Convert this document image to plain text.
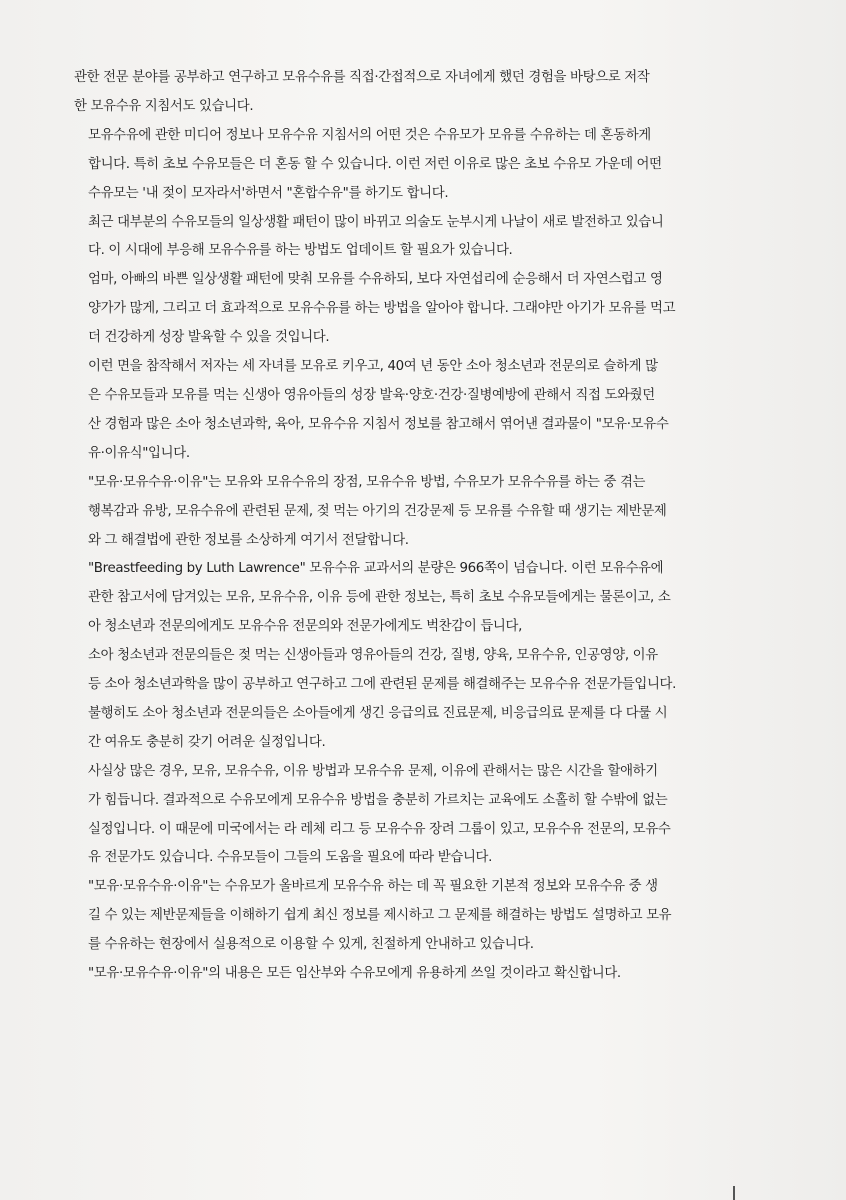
관한 전문 분야를 공부하고 연구하고 모유수유를 직접·간접적으로 자녀에게 했던 경험을 바탕으로 저작
한 모유수유 지침서도 있습니다.

모유수유에 관한 미디어 정보나 모유수유 지침서의 어떤 것은 수유모가 모유를 수유하는 데 혼동하게
합니다. 특히 초보 수유모들은 더 혼동 할 수 있습니다. 이런 저런 이유로 많은 초보 수유모 가운데 어떤
수유모는 '내 젖이 모자라서'하면서 "혼합수유"를 하기도 합니다.

최근 대부분의 수유모들의 일상생활 패턴이 많이 바뀌고 의술도 눈부시게 나날이 새로 발전하고 있습니
다. 이 시대에 부응해 모유수유를 하는 방법도 업데이트 할 필요가 있습니다.

엄마, 아빠의 바쁜 일상생활 패턴에 맞춰 모유를 수유하되, 보다 자연섭리에 순응해서 더 자연스럽고 영
양가가 많게, 그리고 더 효과적으로 모유수유를 하는 방법을 알아야 합니다. 그래야만 아기가 모유를 먹고
더 건강하게 성장 발육할 수 있을 것입니다.

이런 면을 참작해서 저자는 세 자녀를 모유로 키우고, 40여 년 동안 소아 청소년과 전문의로 슬하게 많
은 수유모들과 모유를 먹는 신생아 영유아들의 성장 발육·양호·건강·질병예방에 관해서 직접 도와줬던
산 경험과 많은 소아 청소년과학, 육아, 모유수유 지침서 정보를 참고해서 엮어낸 결과물이 "모유·모유수
유·이유식"입니다.

"모유·모유수유·이유"는 모유와 모유수유의 장점, 모유수유 방법, 수유모가 모유수유를 하는 중 겪는
행복감과 유방, 모유수유에 관련된 문제, 젖 먹는 아기의 건강문제 등 모유를 수유할 때 생기는 제반문제
와 그 해결법에 관한 정보를 소상하게 여기서 전달합니다.

"Breastfeeding by Luth Lawrence" 모유수유 교과서의 분량은 966쪽이 넘습니다. 이런 모유수유에
관한 참고서에 담겨있는 모유, 모유수유, 이유 등에 관한 정보는, 특히 초보 수유모들에게는 물론이고, 소
아 청소년과 전문의에게도 모유수유 전문의와 전문가에게도 벅찬감이 듭니다,

소아 청소년과 전문의들은 젖 먹는 신생아들과 영유아들의 건강, 질병, 양육, 모유수유, 인공영양, 이유
등 소아 청소년과학을 많이 공부하고 연구하고 그에 관련된 문제를 해결해주는 모유수유 전문가들입니다.

불행히도 소아 청소년과 전문의들은 소아들에게 생긴 응급의료 진료문제, 비응급의료 문제를 다 다룰 시
간 여유도 충분히 갖기 어려운 실정입니다.

사실상 많은 경우, 모유, 모유수유, 이유 방법과 모유수유 문제, 이유에 관해서는 많은 시간을 할애하기
가 힘듭니다. 결과적으로 수유모에게 모유수유 방법을 충분히 가르치는 교육에도 소홀히 할 수밖에 없는
실정입니다. 이 때문에 미국에서는 라 레체 리그 등 모유수유 장려 그룹이 있고, 모유수유 전문의, 모유수
유 전문가도 있습니다. 수유모들이 그들의 도움을 필요에 따라 받습니다.

"모유·모유수유·이유"는 수유모가 올바르게 모유수유 하는 데 꼭 필요한 기본적 정보와 모유수유 중 생
길 수 있는 제반문제들을 이해하기 쉽게 최신 정보를 제시하고 그 문제를 해결하는 방법도 설명하고 모유
를 수유하는 현장에서 실용적으로 이용할 수 있게, 친절하게 안내하고 있습니다.

"모유·모유수유·이유"의 내용은 모든 임산부와 수유모에게 유용하게 쓰일 것이라고 확신합니다.
